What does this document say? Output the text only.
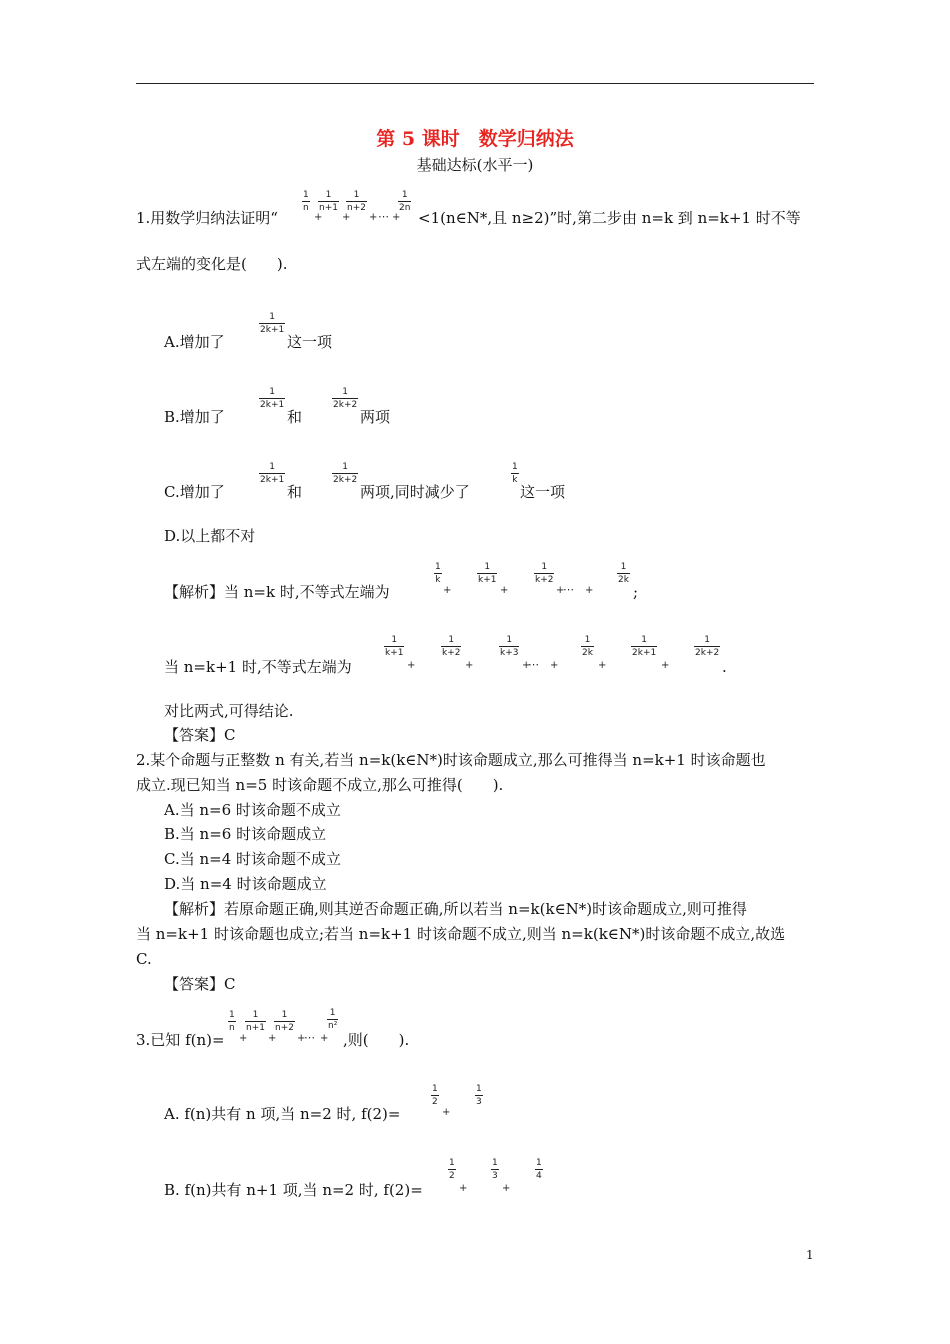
第 5 课时　数学归纳法
基础达标(水平一)
1.用数学归纳法证明“
1
n
+
1
n+1
+
1
n+2
+ ⋯ +
1
2n
<1(n∈N*,且 n≥2)”时,第二步由 n=k 到 n=k+1 时不等
式左端的变化是(　　).
A.增加了
1
2k+1
这一项
B.增加了
1
2k+1
和
1
2k+2
两项
C.增加了
1
2k+1
和
1
2k+2
两项,同时减少了
1
k
这一项
D.以上都不对
【解析】当 n=k 时,不等式左端为
1
k
+
1
k+1
+
1
k+2
+
⋯ +
1
2k
;
当 n=k+1 时,不等式左端为
1
k+1
+
1
k+2
+
1
k+3
+
⋯ +
1
2k
+
1
2k+1
+
1
2k+2
.
对比两式,可得结论.
【答案】C
2.某个命题与正整数 n 有关,若当 n=k(k∈N*)时该命题成立,那么可推得当 n=k+1 时该命题也
成立.现已知当 n=5 时该命题不成立,那么可推得(　　).
A.当 n=6 时该命题不成立
B.当 n=6 时该命题成立
C.当 n=4 时该命题不成立
D.当 n=4 时该命题成立
【解析】若原命题正确,则其逆否命题正确,所以若当 n=k(k∈N*)时该命题成立,则可推得
当 n=k+1 时该命题也成立;若当 n=k+1 时该命题不成立,则当 n=k(k∈N*)时该命题不成立,故选
C.
【答案】C
3.已知 f(n)=
1
n
+
1
n+1
+
1
n+2
+
⋯ +
1
n²
,则(　　).
A. f(n)共有 n 项,当 n=2 时, f(2)=
1
2
+
1
3
B. f(n)共有 n+1 项,当 n=2 时, f(2)=
1
2
+
1
3
+
1
4
1
